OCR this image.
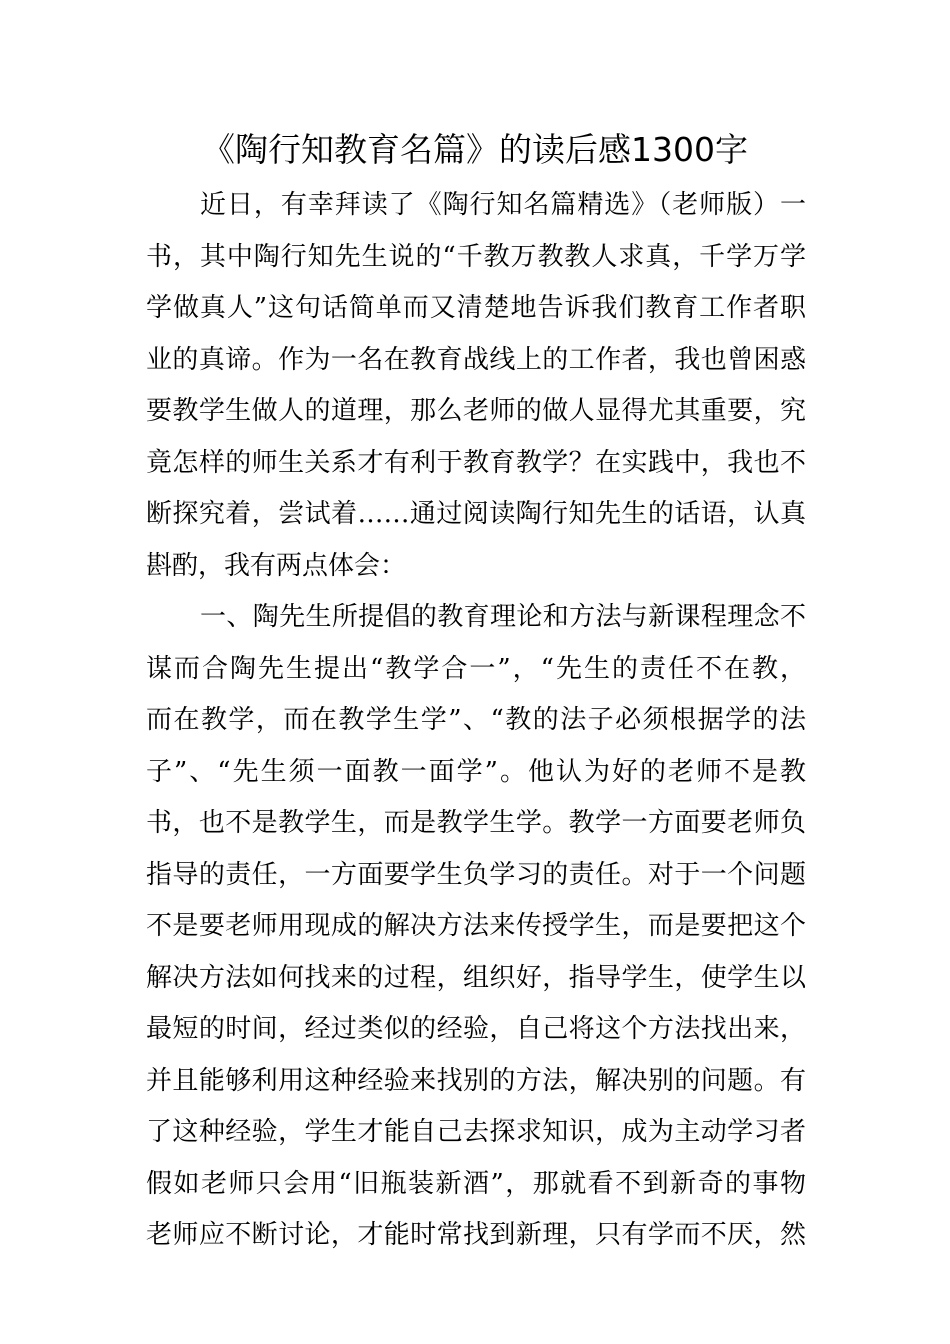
《陶行知教育名篇》的读后感1300字
近日，有幸拜读了《陶行知名篇精选》（老师版）一
书，其中陶行知先生说的“千教万教教人求真，千学万学
学做真人”这句话简单而又清楚地告诉我们教育工作者职
业的真谛。作为一名在教育战线上的工作者，我也曾困惑
要教学生做人的道理，那么老师的做人显得尤其重要，究
竟怎样的师生关系才有利于教育教学？在实践中，我也不
断探究着，尝试着……通过阅读陶行知先生的话语，认真
斟酌，我有两点体会：
一、陶先生所提倡的教育理论和方法与新课程理念不
谋而合陶先生提出“教学合一”，“先生的责任不在教，
而在教学，而在教学生学”、“教的法子必须根据学的法
子”、“先生须一面教一面学”。他认为好的老师不是教
书，也不是教学生，而是教学生学。教学一方面要老师负
指导的责任，一方面要学生负学习的责任。对于一个问题
不是要老师用现成的解决方法来传授学生，而是要把这个
解决方法如何找来的过程，组织好，指导学生，使学生以
最短的时间，经过类似的经验，自己将这个方法找出来，
并且能够利用这种经验来找别的方法，解决别的问题。有
了这种经验，学生才能自己去探求知识，成为主动学习者
假如老师只会用“旧瓶装新酒”，那就看不到新奇的事物
老师应不断讨论，才能时常找到新理，只有学而不厌，然
